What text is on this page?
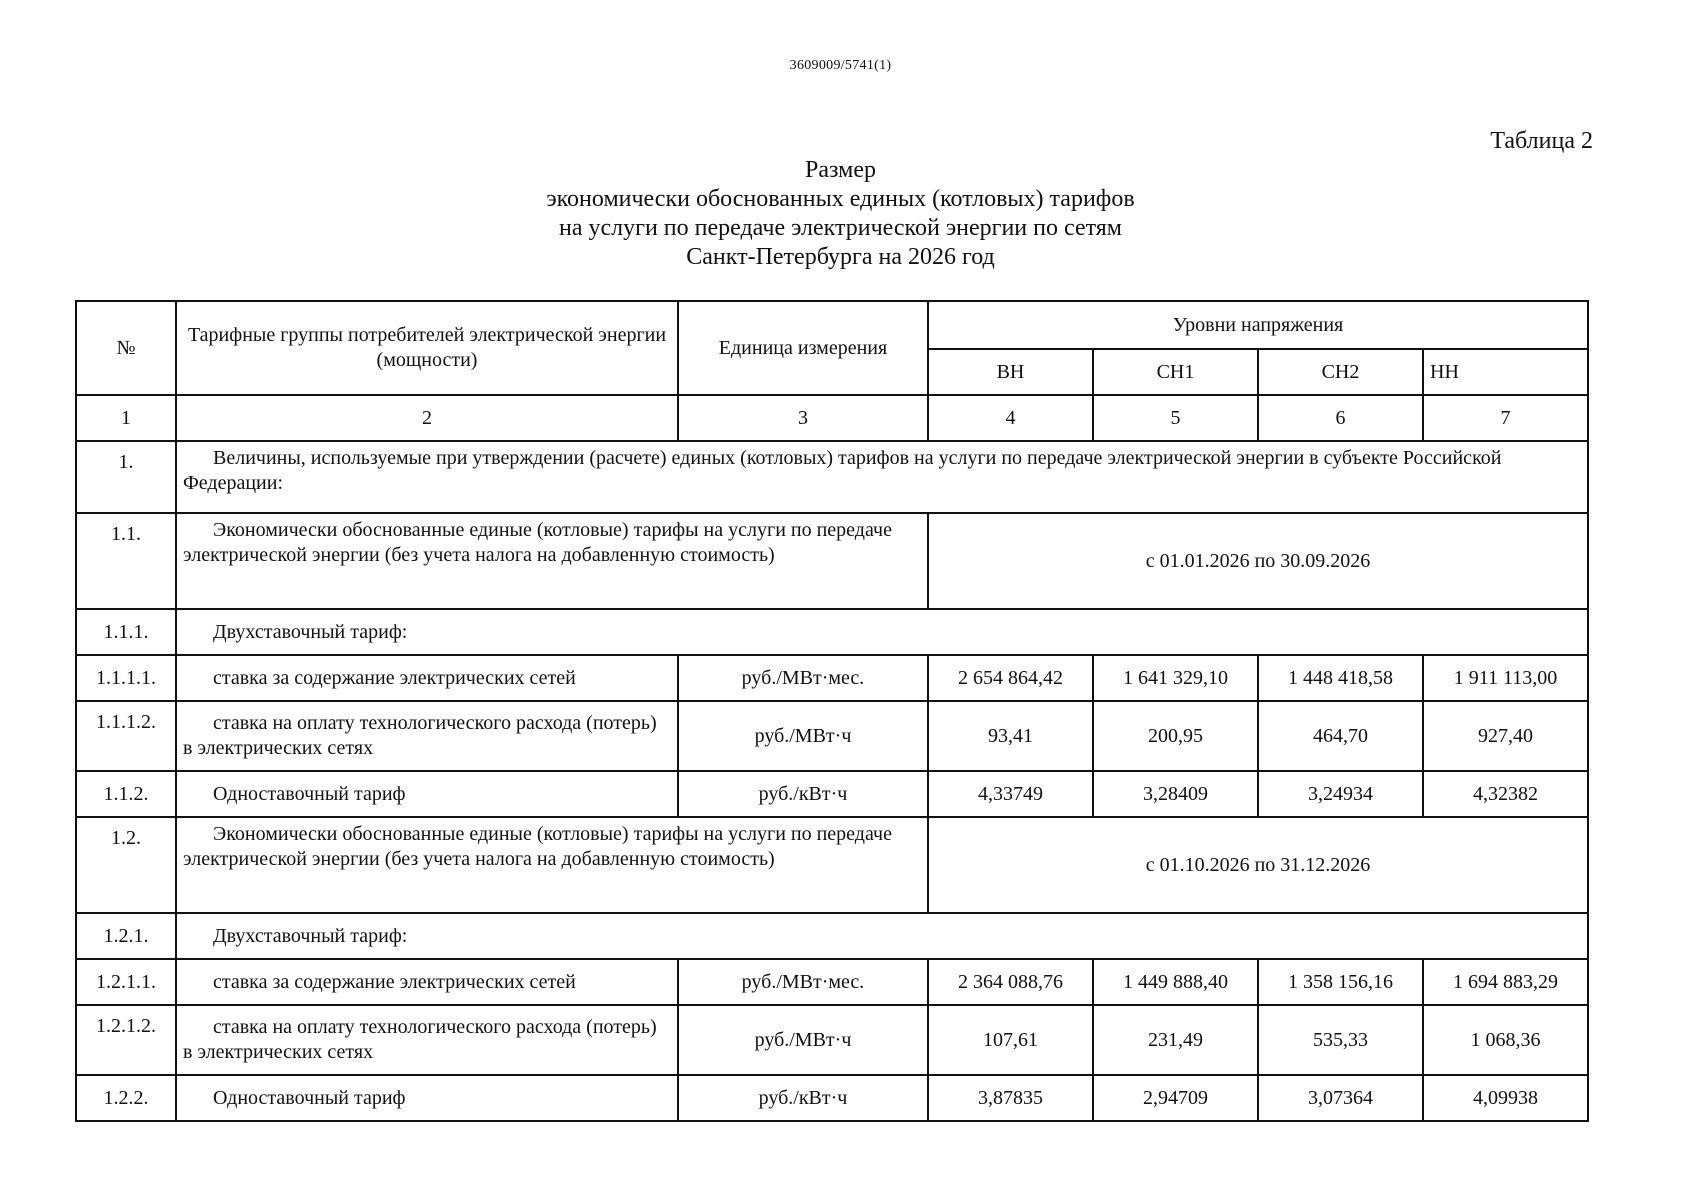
3609009/5741(1)
Таблица 2
Размер
экономически обоснованных единых (котловых) тарифов
на услуги по передаче электрической энергии по сетям
Санкт-Петербурга на 2026 год
№	Тарифные группы потребителей электрической энергии (мощности)	Единица измерения	Уровни напряжения			
			ВН	СН1	СН2	НН
1	2	3	4	5	6	7
1.	Величины, используемые при утверждении (расчете) единых (котловых) тарифов на услуги по передаче электрической энергии в субъекте Российской Федерации:					
1.1.	Экономически обоснованные единые (котловые) тарифы на услуги по передаче электрической энергии (без учета налога на добавленную стоимость)		с 01.01.2026 по 30.09.2026			
1.1.1.	Двухставочный тариф:					
1.1.1.1.	ставка за содержание электрических сетей	руб./МВт·мес.	2 654 864,42	1 641 329,10	1 448 418,58	1 911 113,00
1.1.1.2.	ставка на оплату технологического расхода (потерь) в электрических сетях	руб./МВт·ч	93,41	200,95	464,70	927,40
1.1.2.	Одноставочный тариф	руб./кВт·ч	4,33749	3,28409	3,24934	4,32382
1.2.	Экономически обоснованные единые (котловые) тарифы на услуги по передаче электрической энергии (без учета налога на добавленную стоимость)		с 01.10.2026 по 31.12.2026			
1.2.1.	Двухставочный тариф:					
1.2.1.1.	ставка за содержание электрических сетей	руб./МВт·мес.	2 364 088,76	1 449 888,40	1 358 156,16	1 694 883,29
1.2.1.2.	ставка на оплату технологического расхода (потерь) в электрических сетях	руб./МВт·ч	107,61	231,49	535,33	1 068,36
1.2.2.	Одноставочный тариф	руб./кВт·ч	3,87835	2,94709	3,07364	4,09938
